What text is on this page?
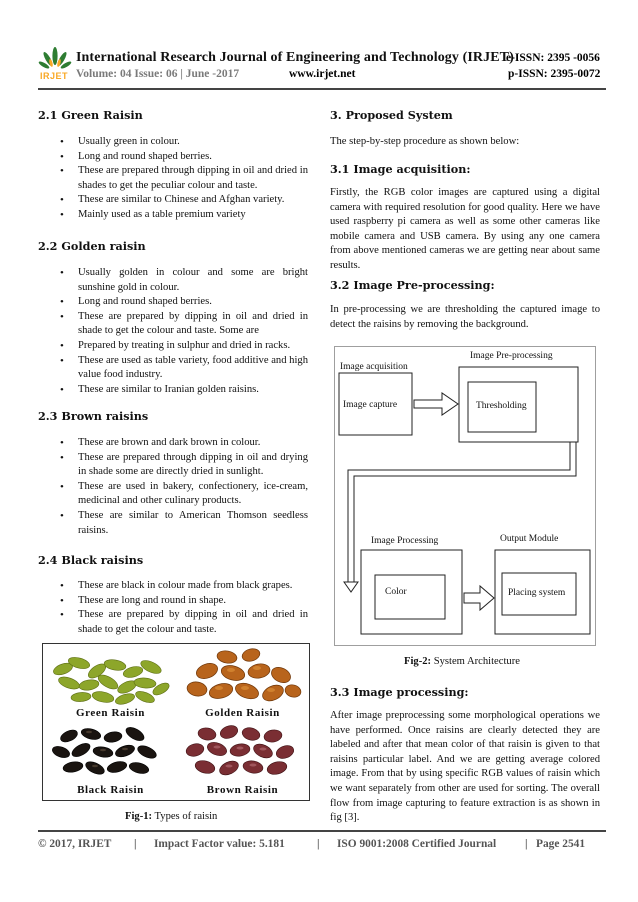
IRJET
International Research Journal of Engineering and Technology (IRJET)
e-ISSN: 2395 -0056
Volume: 04 Issue: 06 | June -2017	www.irjet.net	p-ISSN: 2395-0072
2.1 Green Raisin
• Usually green in colour.
• Long and round shaped berries.
• These are prepared through dipping in oil and dried in shades to get the peculiar colour and taste.
• These are similar to Chinese and Afghan variety.
• Mainly used as a table premium variety
2.2 Golden raisin
• Usually golden in colour and some are bright sunshine gold in colour.
• Long and round shaped berries.
• These are prepared by dipping in oil and dried in shade to get the colour and taste. Some are
• Prepared by treating in sulphur and dried in racks.
• These are used as table variety, food additive and high value food industry.
• These are similar to Iranian golden raisins.
2.3 Brown raisins
• These are brown and dark brown in colour.
• These are prepared through dipping in oil and drying in shade some are directly dried in sunlight.
• These are used in bakery, confectionery, ice-cream, medicinal and other culinary products.
• These are similar to American Thomson seedless raisins.
2.4 Black raisins
• These are black in colour made from black grapes.
• These are long and round in shape.
• These are prepared by dipping in oil and dried in shade to get the colour and taste.
Green Raisin	Golden Raisin
Black Raisin	Brown Raisin
Fig-1: Types of raisin
3. Proposed System

The step-by-step procedure as shown below:

3.1 Image acquisition:

Firstly, the RGB color images are captured using a digital camera with required resolution for good quality. Here we have used raspberry pi camera as well as some other cameras like mobile camera and USB camera. By using any one camera from above mentioned cameras we are getting near about same results.

3.2 Image Pre-processing:

In pre-processing we are thresholding the captured image to detect the raisins by removing the background.

Image acquisition
Image capture
Image Pre-processing
Thresholding
Image Processing
Color
Output Module
Placing system
Fig-2: System Architecture
3.3 Image processing:

After image preprocessing some morphological operations we have performed. Once raisins are clearly detected they are labeled and after that mean color of that raisin is given to that raisins particular label. And we are getting average colored image. From that by using specific RGB values of raisin which we want separately from other are used for sorting. The overall flow from image capturing to feature extraction is as shown in fig [3].

© 2017, IRJET | Impact Factor value: 5.181	| ISO 9001:2008 Certified Journal	| Page 2541
